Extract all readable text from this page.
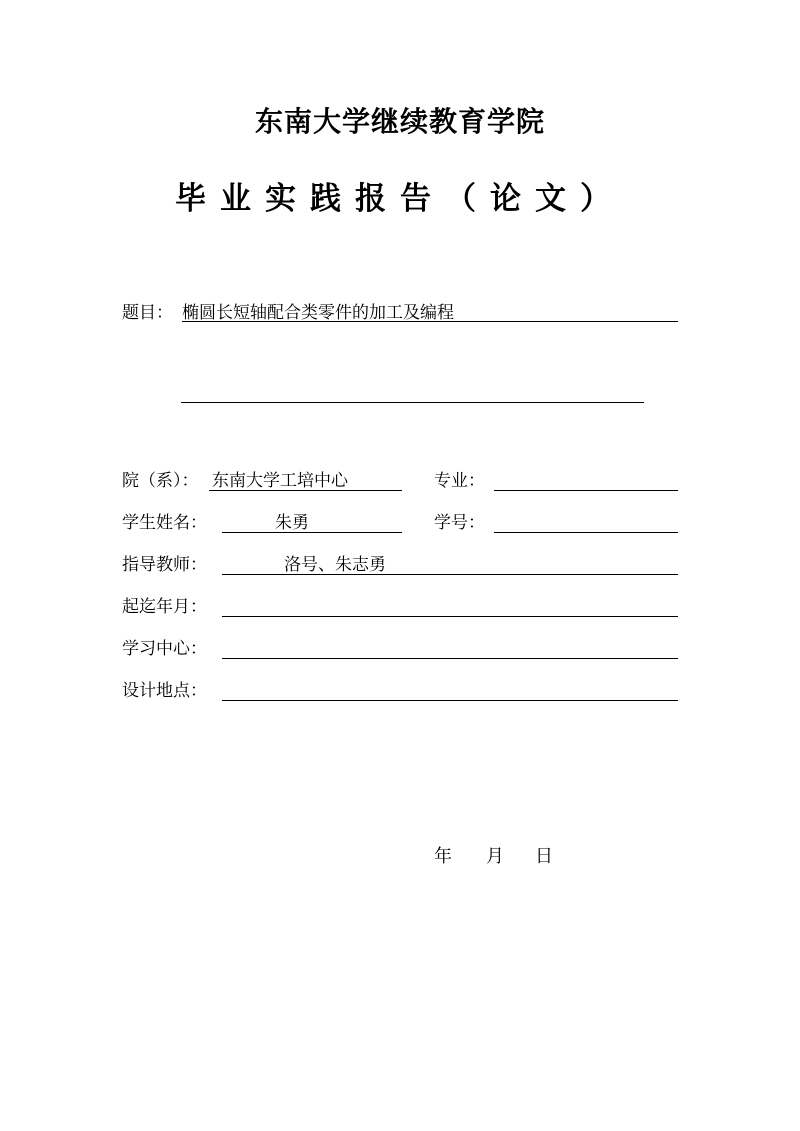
东南大学继续教育学院
毕业实践报告（论文）
题目： 椭圆长短轴配合类零件的加工及编程
院（系）： 东南大学工培中心	专业：
学生姓名：	朱勇	学号：
指导教师：	洛号、朱志勇
起迄年月：
学习中心：
设计地点：
年 月 日
